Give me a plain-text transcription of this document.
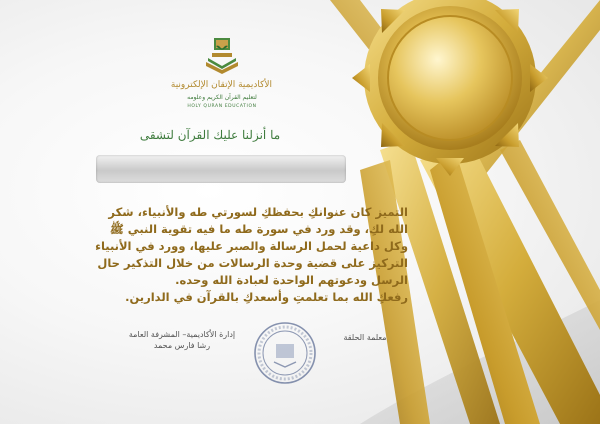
الأكاديمية الإتقان الإلكترونية
لتعليم القرآن الكريم وعلومه
HOLY QURAN EDUCATION
ما أنزلنا عليك القرآن لتشقى
التميز كان عنوانكِ بحفظكِ لسورتي طه والأنبياء، شكر
الله لكِ، وقد ورد في سورة طه ما فيه تقوية النبي ﷺ
وكل داعية لحمل الرسالة والصبر عليها، وورد في الأنبياء
التركيز على قضية وحدة الرسالات من خلال التذكير حال
الرسل ودعوتهم الواحدة لعبادة الله وحده.
رفعكِ الله بما تعلمتِ وأسعدكِ بالقرآن في الدارين.
إدارة الأكاديمية– المشرفة العامة
رشا فارس محمد
معلمة الحلقة
